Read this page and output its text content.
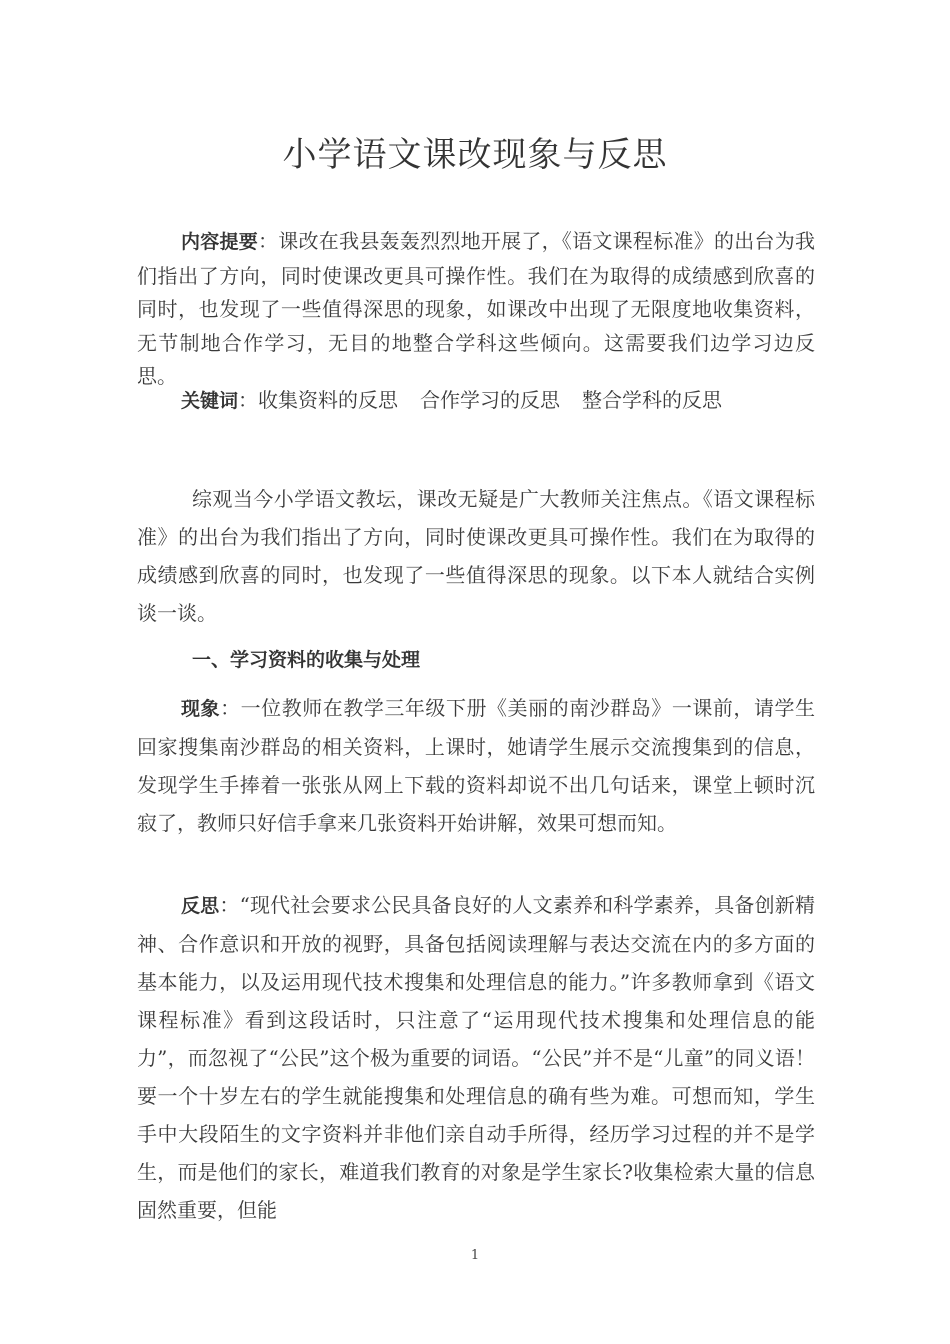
小学语文课改现象与反思
内容提要：课改在我县轰轰烈烈地开展了，《语文课程标准》的出台为我们指出了方向，同时使课改更具可操作性。我们在为取得的成绩感到欣喜的同时，也发现了一些值得深思的现象，如课改中出现了无限度地收集资料，无节制地合作学习，无目的地整合学科这些倾向。这需要我们边学习边反思。
关键词：收集资料的反思 合作学习的反思 整合学科的反思
综观当今小学语文教坛，课改无疑是广大教师关注焦点。《语文课程标准》的出台为我们指出了方向，同时使课改更具可操作性。我们在为取得的成绩感到欣喜的同时，也发现了一些值得深思的现象。以下本人就结合实例谈一谈。
一、学习资料的收集与处理
现象：一位教师在教学三年级下册《美丽的南沙群岛》一课前，请学生回家搜集南沙群岛的相关资料，上课时，她请学生展示交流搜集到的信息，发现学生手捧着一张张从网上下载的资料却说不出几句话来，课堂上顿时沉寂了，教师只好信手拿来几张资料开始讲解，效果可想而知。
反思：“现代社会要求公民具备良好的人文素养和科学素养，具备创新精神、合作意识和开放的视野，具备包括阅读理解与表达交流在内的多方面的基本能力，以及运用现代技术搜集和处理信息的能力。”许多教师拿到《语文课程标准》看到这段话时，只注意了“运用现代技术搜集和处理信息的能力”，而忽视了“公民”这个极为重要的词语。“公民”并不是“儿童”的同义语！要一个十岁左右的学生就能搜集和处理信息的确有些为难。可想而知，学生手中大段陌生的文字资料并非他们亲自动手所得，经历学习过程的并不是学生，而是他们的家长，难道我们教育的对象是学生家长?收集检索大量的信息固然重要，但能
1
